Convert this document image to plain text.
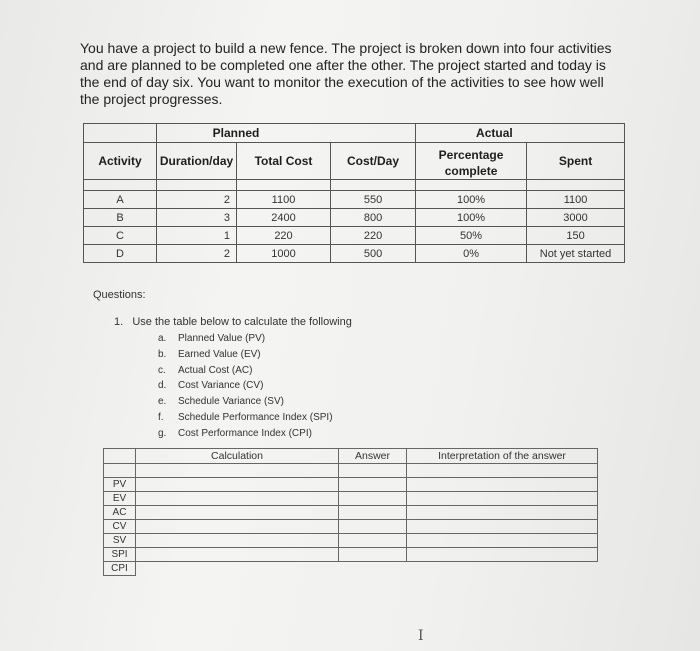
You have a project to build a new fence. The project is broken down into four activities
and are planned to be completed one after the other. The project started and today is
the end of day six. You want to monitor the execution of the activities to see how well
the project progresses.

	Planned			Actual	
Activity	Duration/day	Total Cost	Cost/Day	Percentage complete	Spent

A	2	1100	550	100%	1100
B	3	2400	800	100%	3000
C	1	220	220	50%	150
D	2	1000	500	0%	Not yet started
Questions:
1.   Use the table below to calculate the following
a. Planned Value (PV)
b. Earned Value (EV)
c. Actual Cost (AC)
d. Cost Variance (CV)
e. Schedule Variance (SV)
f. Schedule Performance Index (SPI)
g. Cost Performance Index (CPI)
	Calculation	Answer	Interpretation of the answer

PV			
EV			
AC			
CV			
SV			
SPI			
CPI			
I
